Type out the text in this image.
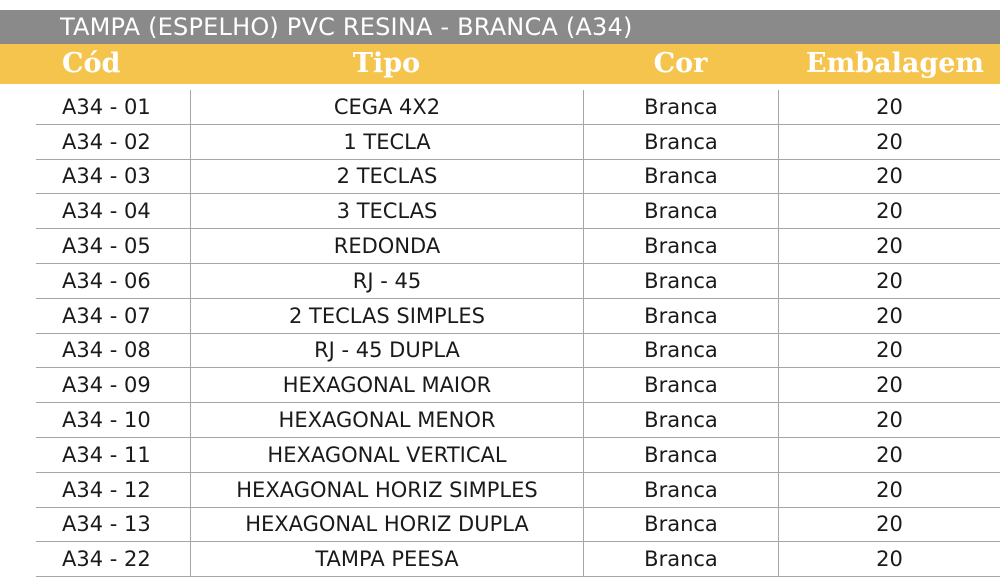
TAMPA (ESPELHO) PVC RESINA - BRANCA (A34)
Cód	Tipo	Cor	Embalagem
A34 - 01	CEGA 4X2	Branca	20
A34 - 02	1 TECLA	Branca	20
A34 - 03	2 TECLAS	Branca	20
A34 - 04	3 TECLAS	Branca	20
A34 - 05	REDONDA	Branca	20
A34 - 06	RJ - 45	Branca	20
A34 - 07	2 TECLAS SIMPLES	Branca	20
A34 - 08	RJ - 45 DUPLA	Branca	20
A34 - 09	HEXAGONAL MAIOR	Branca	20
A34 - 10	HEXAGONAL MENOR	Branca	20
A34 - 11	HEXAGONAL VERTICAL	Branca	20
A34 - 12	HEXAGONAL HORIZ SIMPLES	Branca	20
A34 - 13	HEXAGONAL HORIZ DUPLA	Branca	20
A34 - 22	TAMPA PEESA	Branca	20
